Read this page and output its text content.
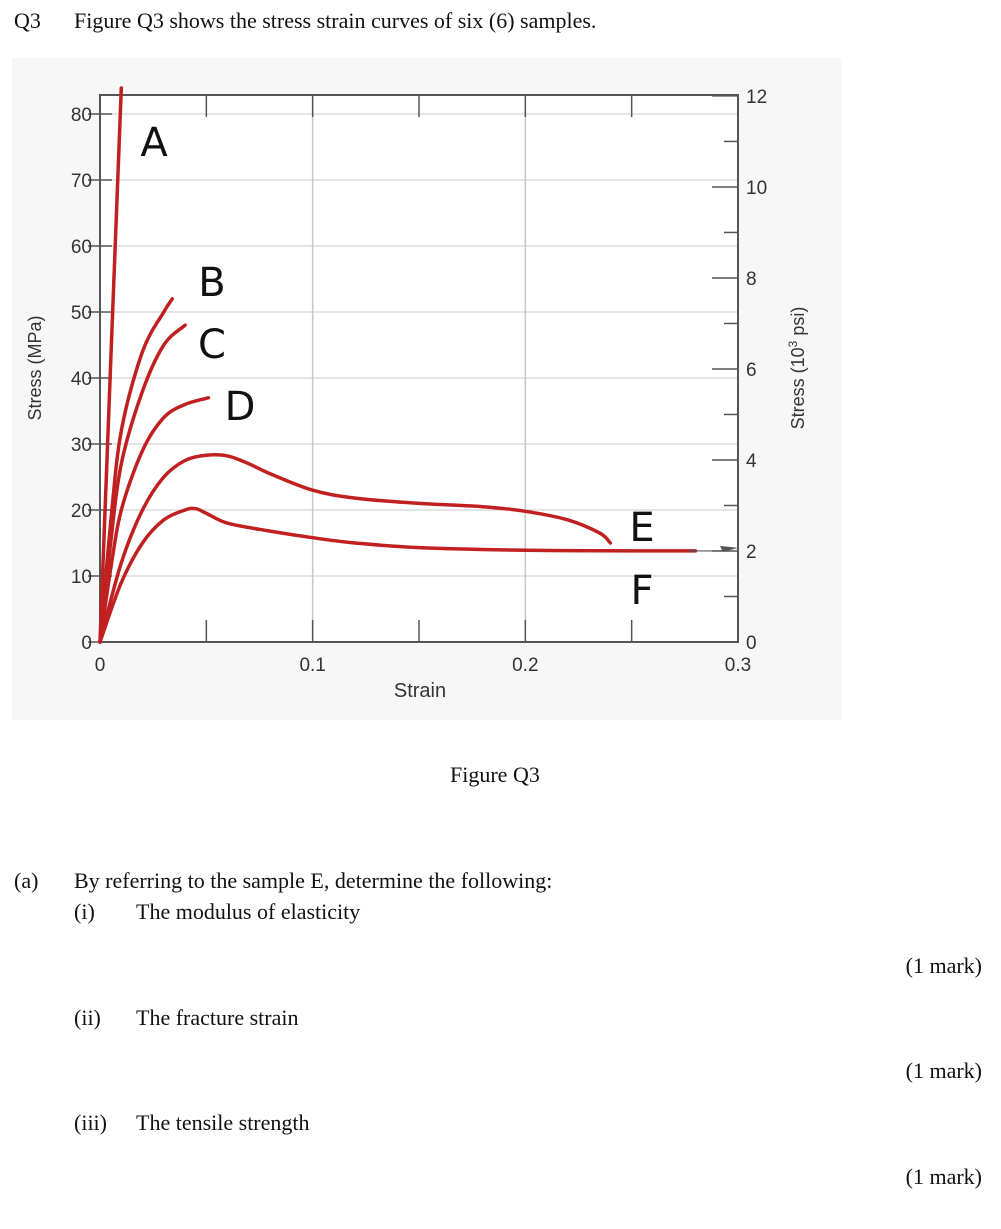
Q3 Figure Q3 shows the stress strain curves of six (6) samples.
0	0.1	0.2	0.3
0
10
20
30
40
50
60
70
80
0
2
4
6
8
10
12
A
B
C
D
E
F
Strain
Stress (MPa)	Stress ($10^3$ psi)
Figure Q3
(a) By referring to the sample E, determine the following:
(i) The modulus of elasticity
(1 mark)
(ii) The fracture strain
(1 mark)
(iii) The tensile strength
(1 mark)
